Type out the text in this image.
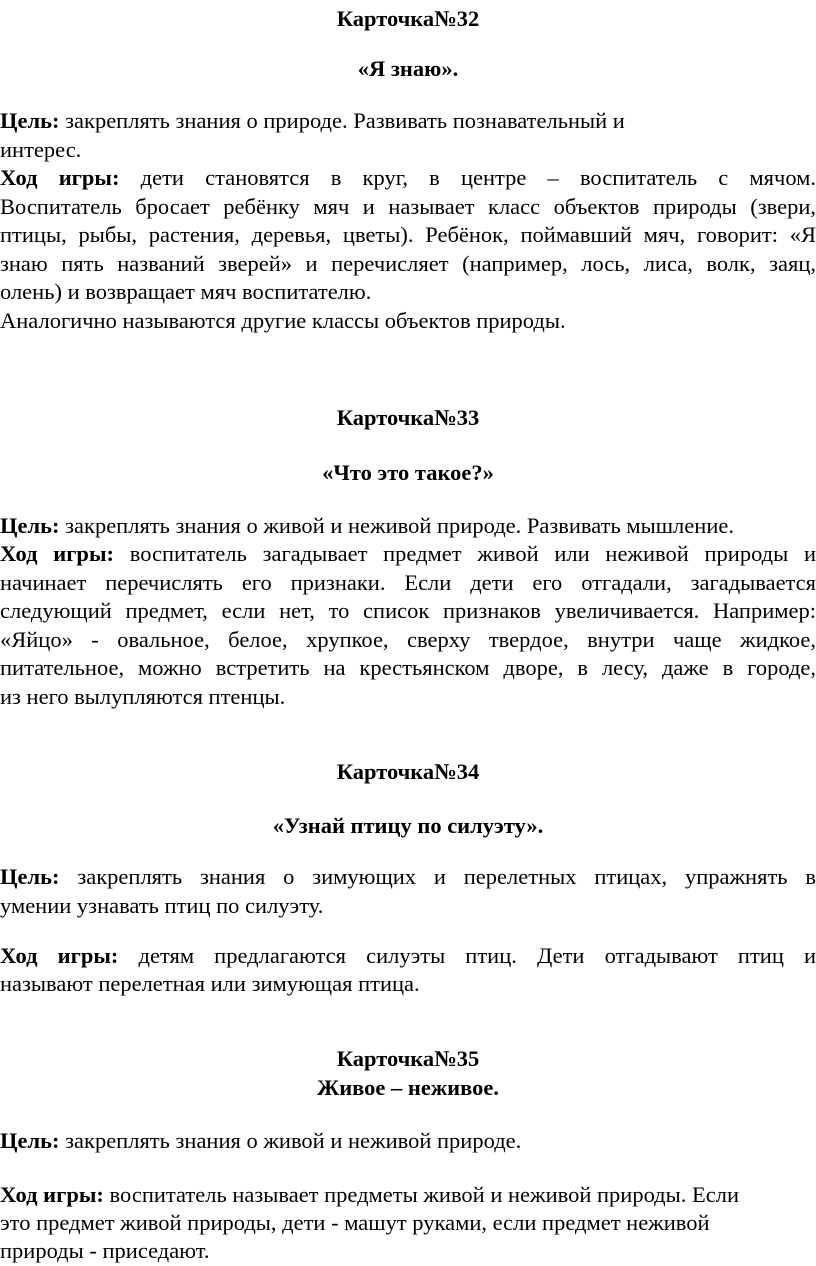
Карточка№32

«Я знаю».

Цель: закреплять знания о природе. Развивать познавательный и

интерес.

Ход игры: дети становятся в круг, в центре – воспитатель с мячом.

Воспитатель бросает ребёнку мяч и называет класс объектов природы (звери,

птицы, рыбы, растения, деревья, цветы). Ребёнок, поймавший мяч, говорит: «Я

знаю пять названий зверей» и перечисляет (например, лось, лиса, волк, заяц,

олень) и возвращает мяч воспитателю.

Аналогично называются другие классы объектов природы.

Карточка№33

«Что это такое?»

Цель: закреплять знания о живой и неживой природе. Развивать мышление.

Ход игры: воспитатель загадывает предмет живой или неживой природы и

начинает перечислять его признаки. Если дети его отгадали, загадывается

следующий предмет, если нет, то список признаков увеличивается. Например:

«Яйцо» - овальное, белое, хрупкое, сверху твердое, внутри чаще жидкое,

питательное, можно встретить на крестьянском дворе, в лесу, даже в городе,

из него вылупляются птенцы.

Карточка№34

«Узнай птицу по силуэту».

Цель: закреплять знания о зимующих и перелетных птицах, упражнять в

умении узнавать птиц по силуэту.

Ход игры: детям предлагаются силуэты птиц. Дети отгадывают птиц и

называют перелетная или зимующая птица.

Карточка№35

Живое – неживое.

Цель: закреплять знания о живой и неживой природе.

Ход игры: воспитатель называет предметы живой и неживой природы. Если

это предмет живой природы, дети - машут руками, если предмет неживой

природы - приседают.
